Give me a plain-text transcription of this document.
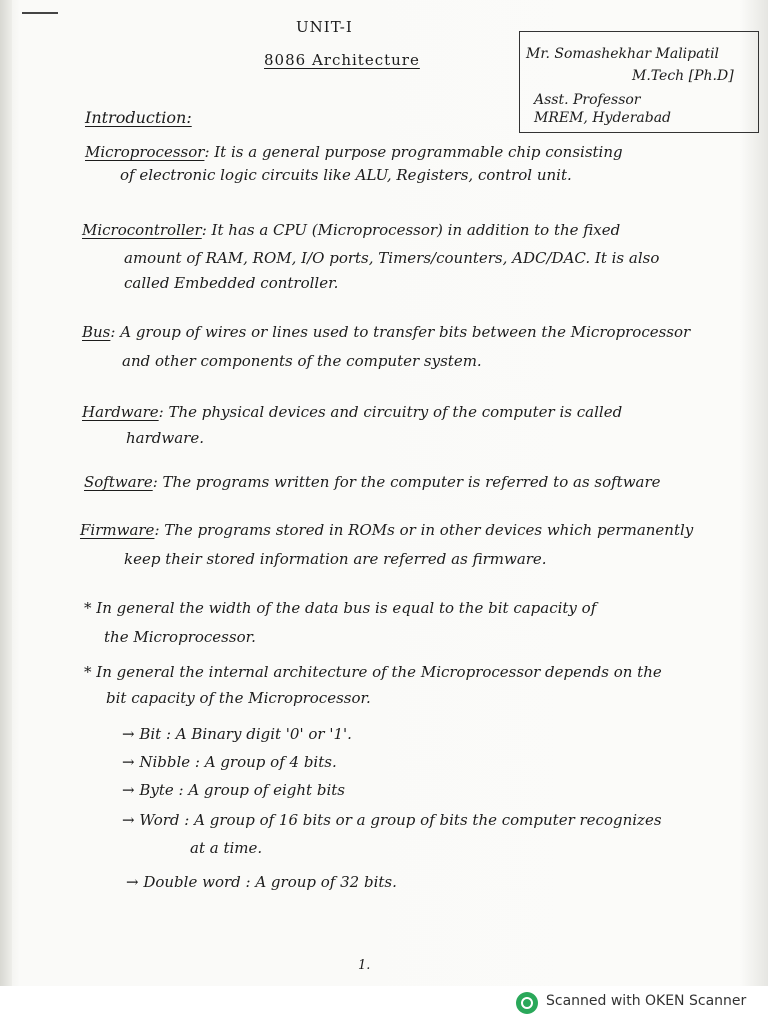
UNIT-I
8086 Architecture	Mr. Somashekhar Malipatil
M.Tech [Ph.D]
Asst. Professor
MREM, Hyderabad
Introduction:
Microprocessor: It is a general purpose programmable chip consisting
of electronic logic circuits like ALU, Registers, control unit.
Microcontroller: It has a CPU (Microprocessor) in addition to the fixed
amount of RAM, ROM, I/O ports, Timers/counters, ADC/DAC. It is also
called Embedded controller.
Bus: A group of wires or lines used to transfer bits between the Microprocessor
and other components of the computer system.
Hardware: The physical devices and circuitry of the computer is called
hardware.
Software: The programs written for the computer is referred to as software
Firmware: The programs stored in ROMs or in other devices which permanently
keep their stored information are referred as firmware.
* In general the width of the data bus is equal to the bit capacity of
the Microprocessor.
* In general the internal architecture of the Microprocessor depends on the
bit capacity of the Microprocessor.
→ Bit : A Binary digit '0' or '1'.
→ Nibble : A group of 4 bits.
→ Byte : A group of eight bits
→ Word : A group of 16 bits or a group of bits the computer recognizes
at a time.
→ Double word : A group of 32 bits.
1.
Scanned with OKEN Scanner
